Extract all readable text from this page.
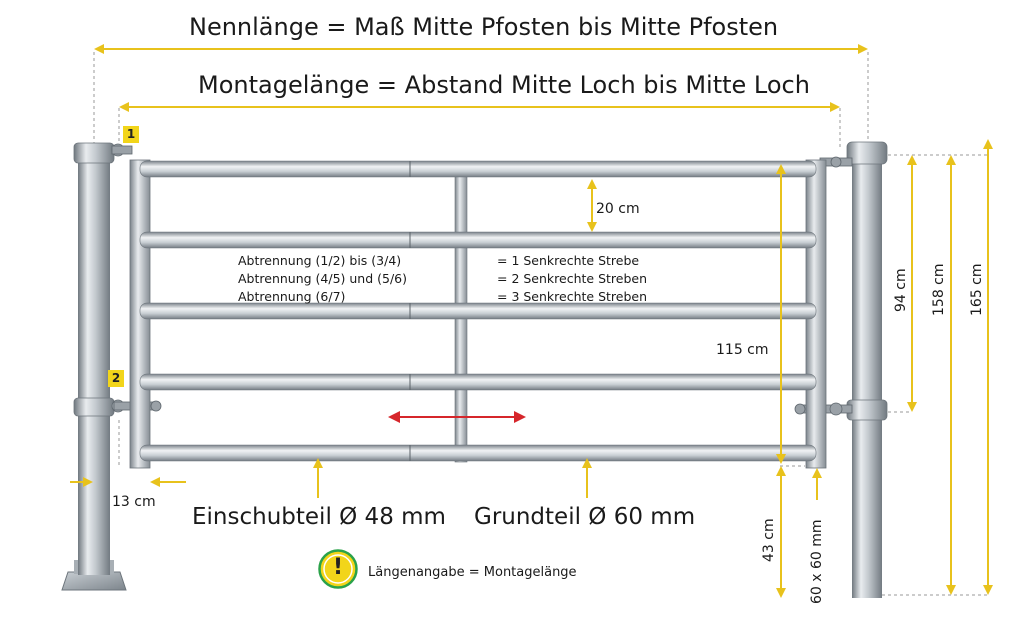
Nennlänge = Maß Mitte Pfosten bis Mitte Pfosten
Montagelänge = Abstand Mitte Loch bis Mitte Loch
1
2
20 cm
115 cm
13 cm
Abtrennung (1/2) bis (3/4)
Abtrennung (4/5) und (5/6)
Abtrennung (6/7)
= 1 Senkrechte Strebe
= 2 Senkrechte Streben
= 3 Senkrechte Streben
Einschubteil Ø 48 mm Grundteil Ø 60 mm
43 cm 60 x 60 mm
94 cm 158 cm 165 cm
!	Längenangabe = Montagelänge
